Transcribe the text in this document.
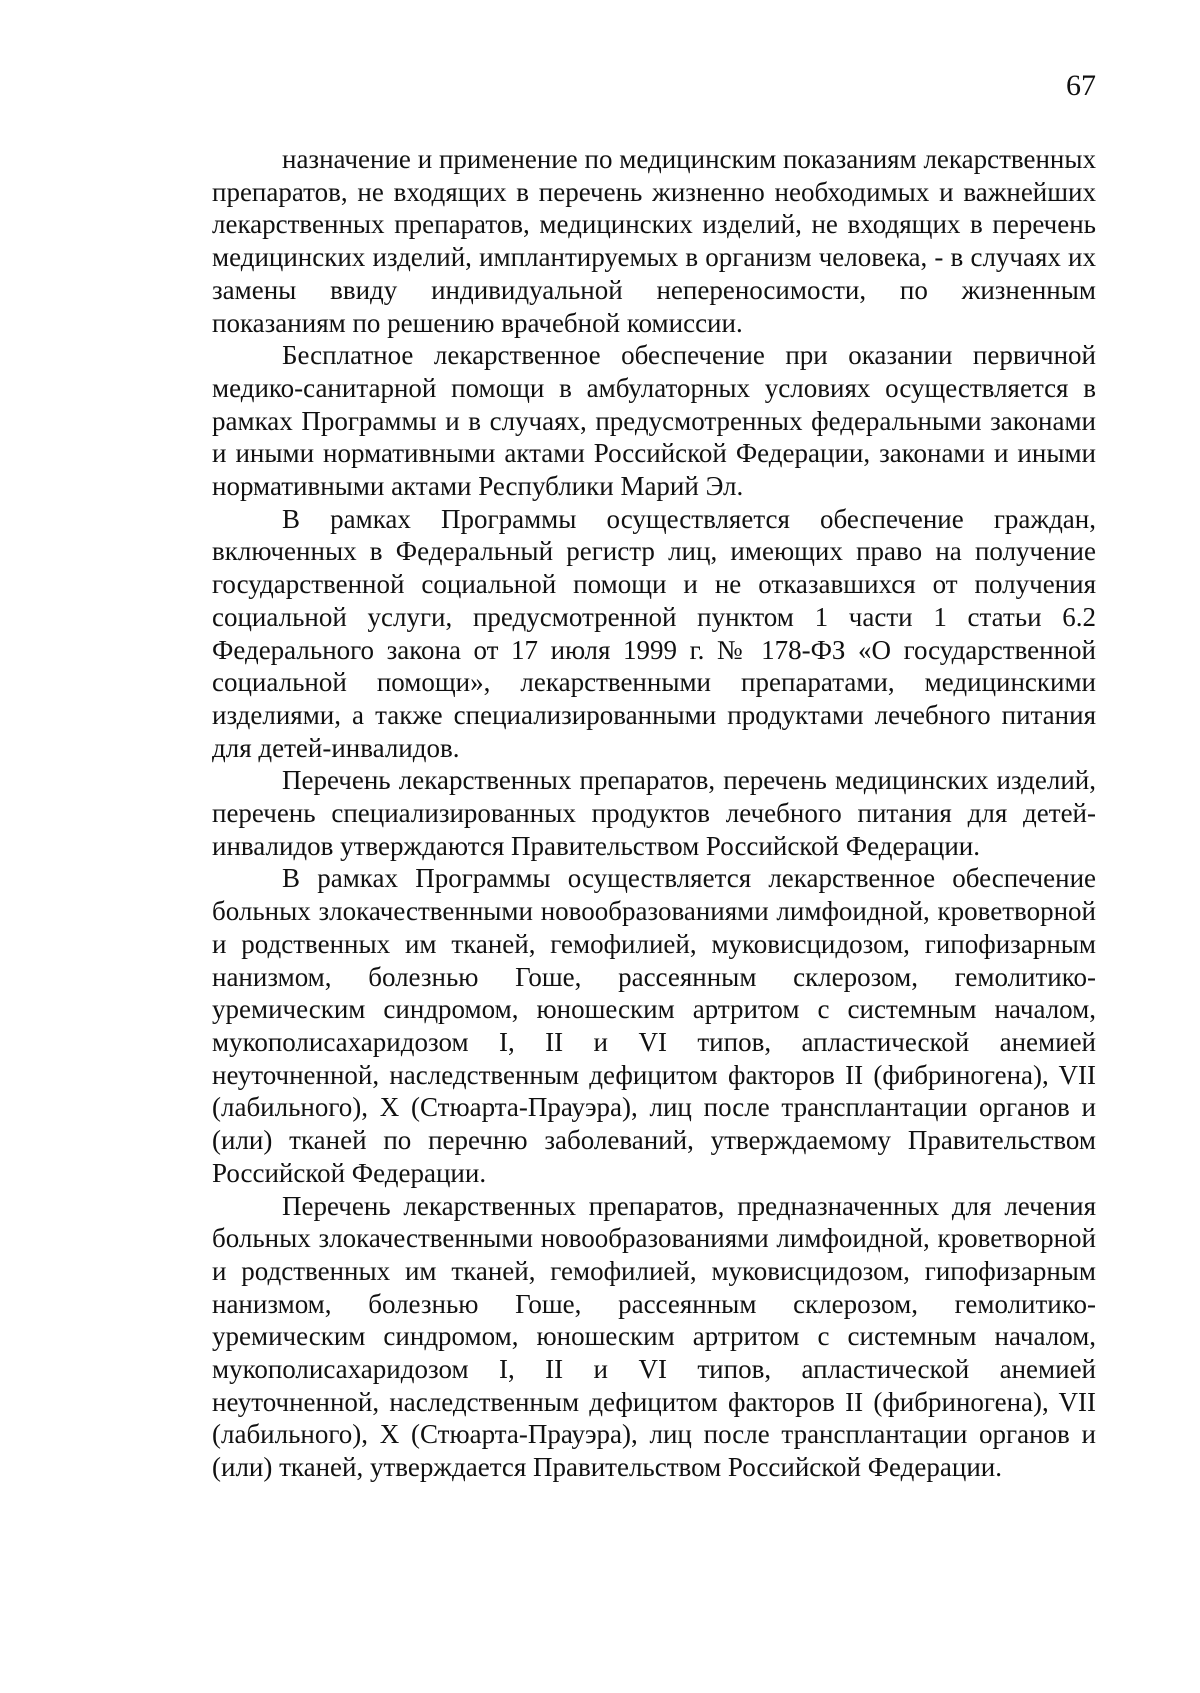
67

назначение и применение по медицинским показаниям лекарственных препаратов, не входящих в перечень жизненно необходимых и важнейших лекарственных препаратов, медицинских изделий, не входящих в перечень медицинских изделий, имплантируемых в организм человека, - в случаях их замены ввиду индивидуальной непереносимости, по жизненным показаниям по решению врачебной комиссии.

Бесплатное лекарственное обеспечение при оказании первичной медико-санитарной помощи в амбулаторных условиях осуществляется в рамках Программы и в случаях, предусмотренных федеральными законами и иными нормативными актами Российской Федерации, законами и иными нормативными актами Республики Марий Эл.

В рамках Программы осуществляется обеспечение граждан, включенных в Федеральный регистр лиц, имеющих право на получение государственной социальной помощи и не отказавшихся от получения социальной услуги, предусмотренной пунктом 1 части 1 статьи 6.2 Федерального закона от 17 июля 1999 г. № 178-ФЗ «О государственной социальной помощи», лекарственными препаратами, медицинскими изделиями, а также специализированными продуктами лечебного питания для детей-инвалидов.

Перечень лекарственных препаратов, перечень медицинских изделий, перечень специализированных продуктов лечебного питания для детей-инвалидов утверждаются Правительством Российской Федерации.

В рамках Программы осуществляется лекарственное обеспечение больных злокачественными новообразованиями лимфоидной, кроветворной и родственных им тканей, гемофилией, муковисцидозом, гипофизарным нанизмом, болезнью Гоше, рассеянным склерозом, гемолитико-уремическим синдромом, юношеским артритом с системным началом, мукополисахаридозом I, II и VI типов, апластической анемией неуточненной, наследственным дефицитом факторов II (фибриногена), VII (лабильного), X (Стюарта-Прауэра), лиц после трансплантации органов и (или) тканей по перечню заболеваний, утверждаемому Правительством Российской Федерации.

Перечень лекарственных препаратов, предназначенных для лечения больных злокачественными новообразованиями лимфоидной, кроветворной и родственных им тканей, гемофилией, муковисцидозом, гипофизарным нанизмом, болезнью Гоше, рассеянным склерозом, гемолитико-уремическим синдромом, юношеским артритом с системным началом, мукополисахаридозом I, II и VI типов, апластической анемией неуточненной, наследственным дефицитом факторов II (фибриногена), VII (лабильного), X (Стюарта-Прауэра), лиц после трансплантации органов и (или) тканей, утверждается Правительством Российской Федерации.
